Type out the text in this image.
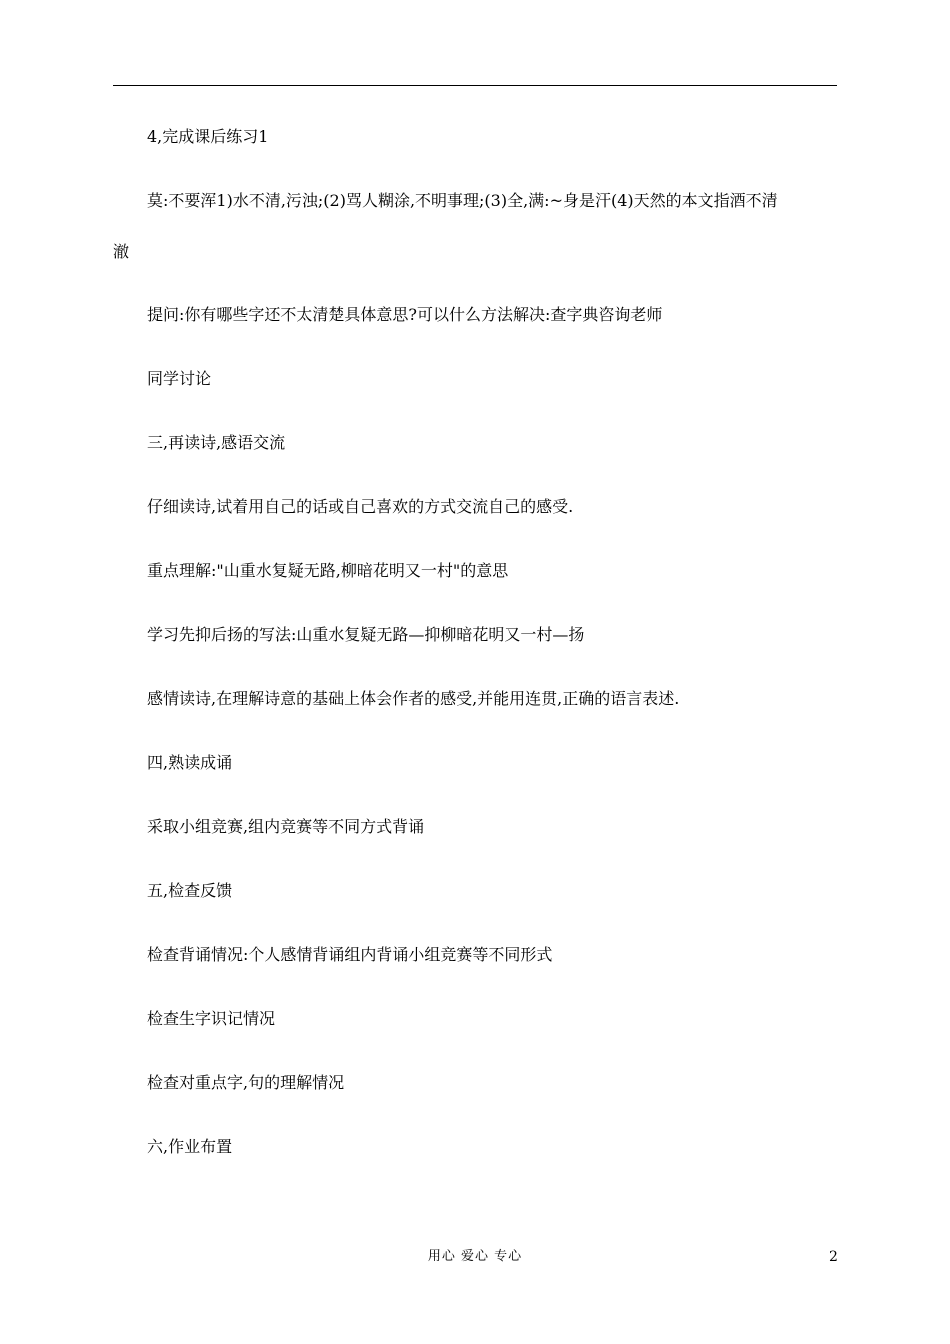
4,完成课后练习1
莫:不要浑1)水不清,污浊;(2)骂人糊涂,不明事理;(3)全,满:~身是汗(4)天然的本文指酒不清
澈
提问:你有哪些字还不太清楚具体意思?可以什么方法解决:查字典咨询老师
同学讨论
三,再读诗,感语交流
仔细读诗,试着用自己的话或自己喜欢的方式交流自己的感受.
重点理解:"山重水复疑无路,柳暗花明又一村"的意思
学习先抑后扬的写法:山重水复疑无路—抑柳暗花明又一村—扬
感情读诗,在理解诗意的基础上体会作者的感受,并能用连贯,正确的语言表述.
四,熟读成诵
采取小组竞赛,组内竞赛等不同方式背诵
五,检查反馈
检查背诵情况:个人感情背诵组内背诵小组竞赛等不同形式
检查生字识记情况
检查对重点字,句的理解情况
六,作业布置
用心 爱心 专心	2
